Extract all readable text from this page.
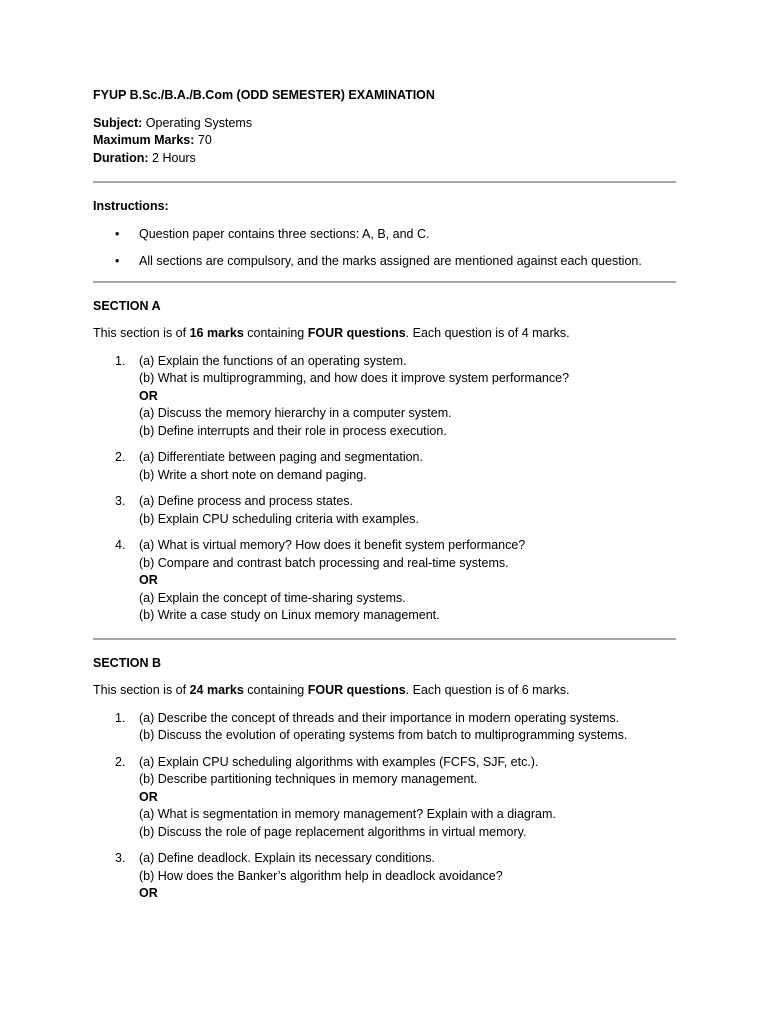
FYUP B.Sc./B.A./B.Com (ODD SEMESTER) EXAMINATION
Subject: Operating Systems
Maximum Marks: 70
Duration: 2 Hours
Instructions:
• Question paper contains three sections: A, B, and C.
• All sections are compulsory, and the marks assigned are mentioned against each question.
SECTION A
This section is of 16 marks containing FOUR questions. Each question is of 4 marks.
1. (a) Explain the functions of an operating system.
(b) What is multiprogramming, and how does it improve system performance?
OR
(a) Discuss the memory hierarchy in a computer system.
(b) Define interrupts and their role in process execution.
2. (a) Differentiate between paging and segmentation.
(b) Write a short note on demand paging.
3. (a) Define process and process states.
(b) Explain CPU scheduling criteria with examples.
4. (a) What is virtual memory? How does it benefit system performance?
(b) Compare and contrast batch processing and real-time systems.
OR
(a) Explain the concept of time-sharing systems.
(b) Write a case study on Linux memory management.
SECTION B
This section is of 24 marks containing FOUR questions. Each question is of 6 marks.
1. (a) Describe the concept of threads and their importance in modern operating systems.
(b) Discuss the evolution of operating systems from batch to multiprogramming systems.
2. (a) Explain CPU scheduling algorithms with examples (FCFS, SJF, etc.).
(b) Describe partitioning techniques in memory management.
OR
(a) What is segmentation in memory management? Explain with a diagram.
(b) Discuss the role of page replacement algorithms in virtual memory.
3. (a) Define deadlock. Explain its necessary conditions.
(b) How does the Banker’s algorithm help in deadlock avoidance?
OR
